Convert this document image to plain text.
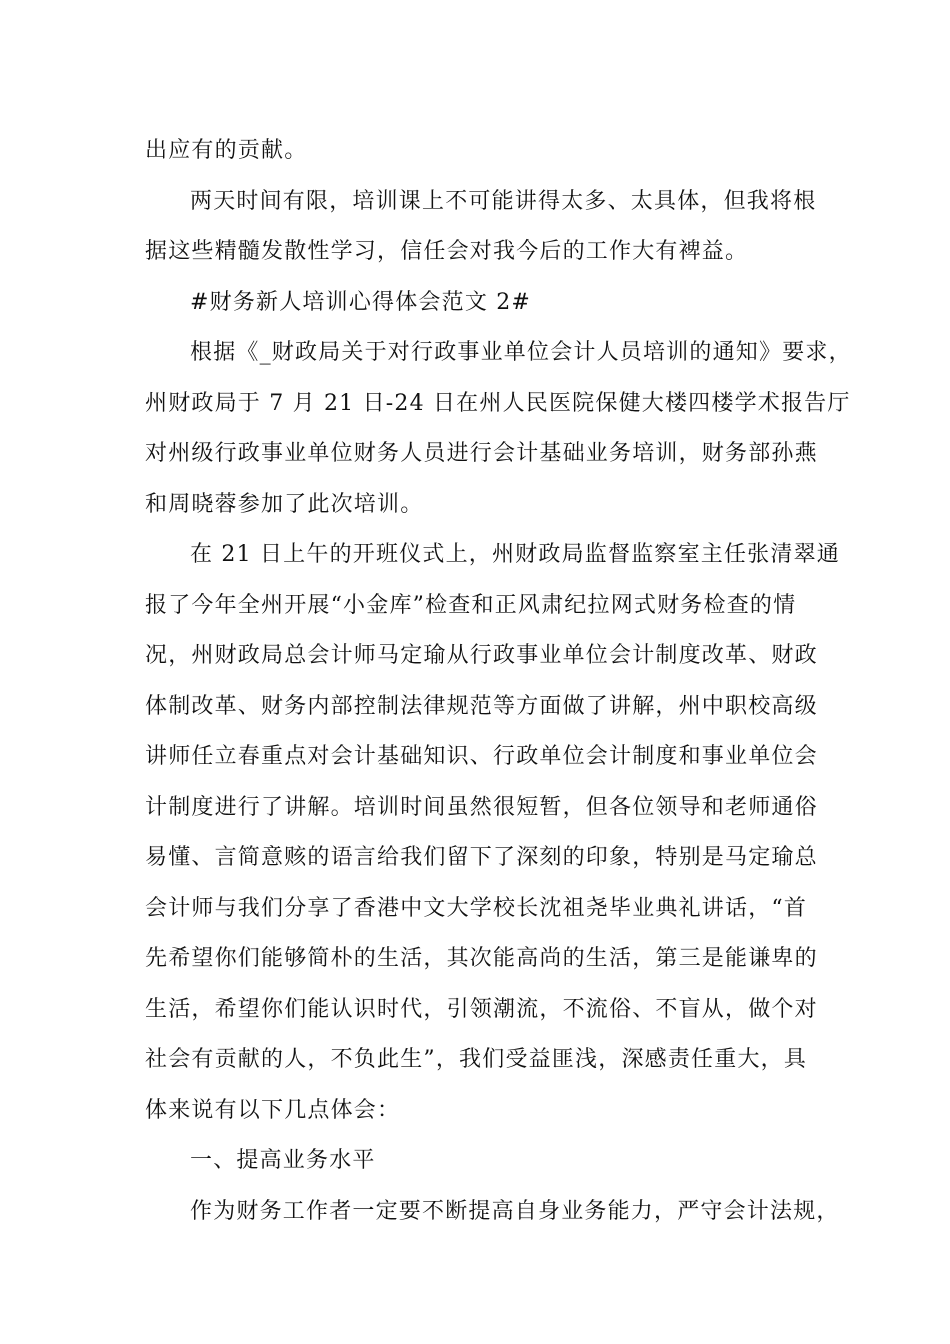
出应有的贡献。
两天时间有限，培训课上不可能讲得太多、太具体，但我将根
据这些精髓发散性学习，信任会对我今后的工作大有裨益。
#财务新人培训心得体会范文 2#
根据《_财政局关于对行政事业单位会计人员培训的通知》要求，
州财政局于 7 月 21 日-24 日在州人民医院保健大楼四楼学术报告厅
对州级行政事业单位财务人员进行会计基础业务培训，财务部孙燕
和周晓蓉参加了此次培训。
在 21 日上午的开班仪式上，州财政局监督监察室主任张清翠通
报了今年全州开展“小金库”检查和正风肃纪拉网式财务检查的情
况，州财政局总会计师马定瑜从行政事业单位会计制度改革、财政
体制改革、财务内部控制法律规范等方面做了讲解，州中职校高级
讲师任立春重点对会计基础知识、行政单位会计制度和事业单位会
计制度进行了讲解。培训时间虽然很短暂，但各位领导和老师通俗
易懂、言简意赅的语言给我们留下了深刻的印象，特别是马定瑜总
会计师与我们分享了香港中文大学校长沈祖尧毕业典礼讲话，“首
先希望你们能够简朴的生活，其次能高尚的生活，第三是能谦卑的
生活，希望你们能认识时代，引领潮流，不流俗、不盲从，做个对
社会有贡献的人，不负此生”，我们受益匪浅，深感责任重大，具
体来说有以下几点体会：
一、提高业务水平
作为财务工作者一定要不断提高自身业务能力，严守会计法规，
